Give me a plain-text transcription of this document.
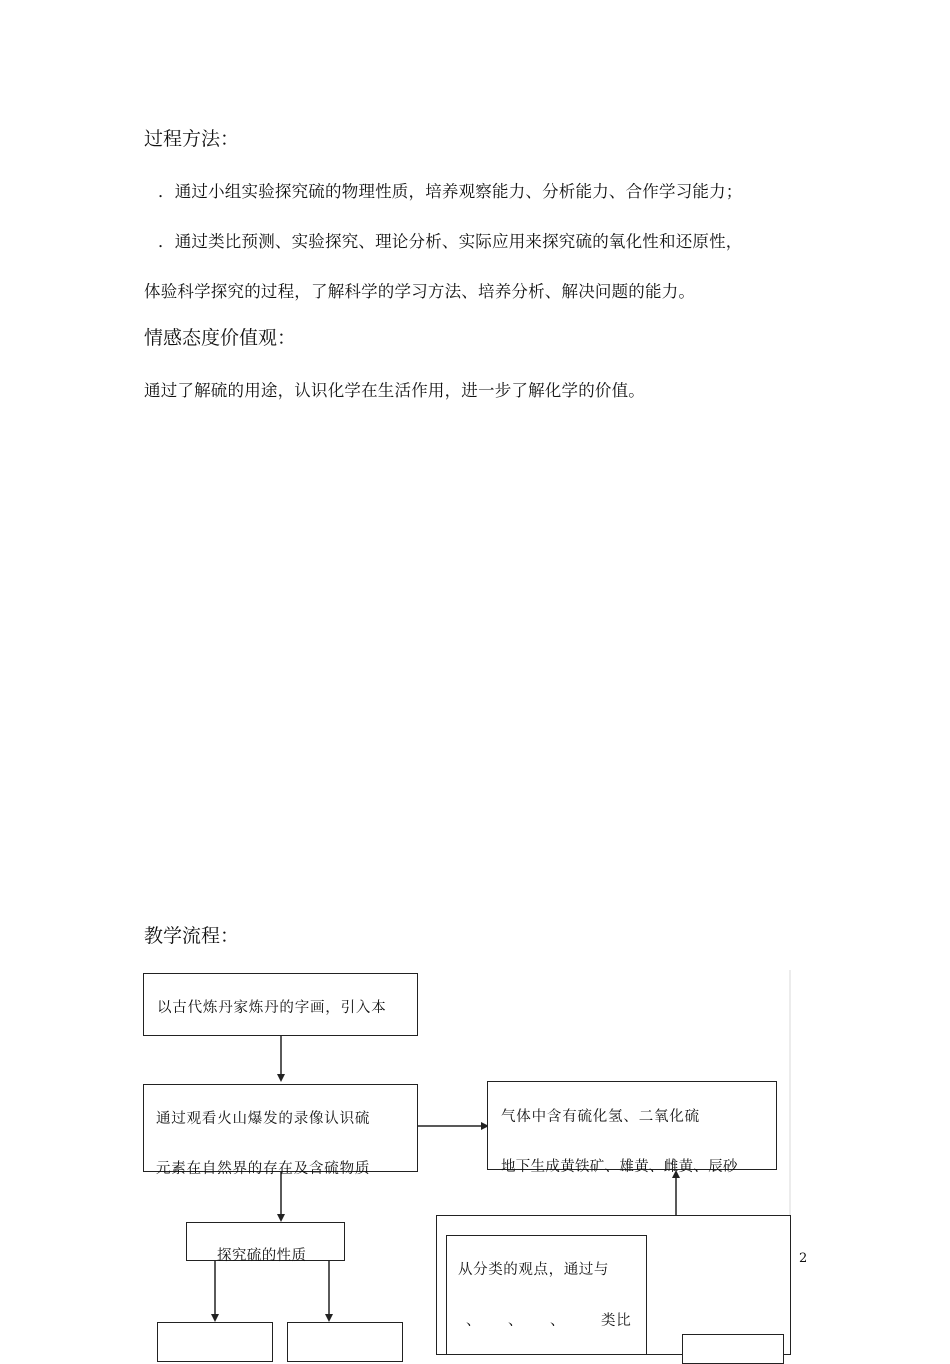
过程方法：
．通过小组实验探究硫的物理性质，培养观察能力、分析能力、合作学习能力；
．通过类比预测、实验探究、理论分析、实际应用来探究硫的氧化性和还原性，
体验科学探究的过程，了解科学的学习方法、培养分析、解决问题的能力。
情感态度价值观：
通过了解硫的用途，认识化学在生活作用，进一步了解化学的价值。
教学流程：
以古代炼丹家炼丹的字画，引入本
通过观看火山爆发的录像认识硫
元素在自然界的存在及含硫物质
气体中含有硫化氢、二氧化硫
地下生成黄铁矿、雄黄、雌黄、辰砂
探究硫的性质
从分类的观点，通过与
、 、 、 类比
2
